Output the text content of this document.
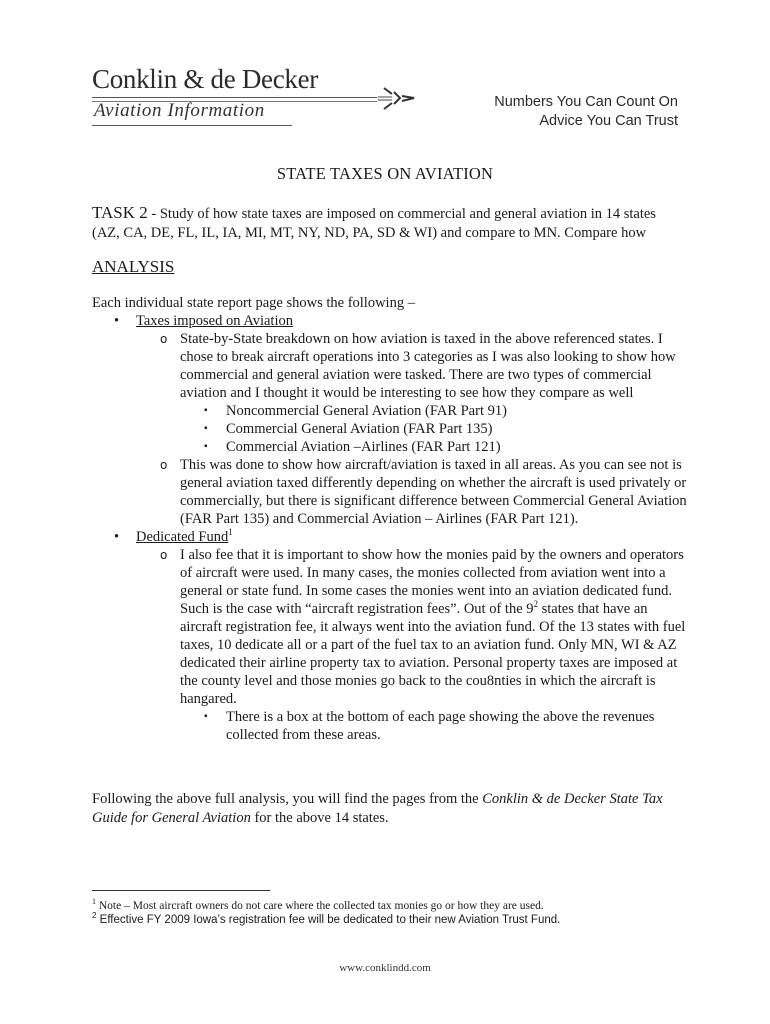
Conklin & de Decker
Aviation Information	Numbers You Can Count On
Advice You Can Trust
STATE TAXES ON AVIATION
TASK 2 - Study of how state taxes are imposed on commercial and general aviation in 14 states (AZ, CA, DE, FL, IL, IA, MI, MT, NY, ND, PA, SD & WI) and compare to MN. Compare how
ANALYSIS

Each individual state report page shows the following –

• Taxes imposed on Aviation
o State-by-State breakdown on how aviation is taxed in the above referenced states. I chose to break aircraft operations into 3 categories as I was also looking to show how commercial and general aviation were tasked. There are two types of commercial aviation and I thought it would be interesting to see how they compare as well
▪ Noncommercial General Aviation (FAR Part 91)
▪ Commercial General Aviation (FAR Part 135)
▪ Commercial Aviation –Airlines (FAR Part 121)
o This was done to show how aircraft/aviation is taxed in all areas. As you can see not is general aviation taxed differently depending on whether the aircraft is used privately or commercially, but there is significant difference between Commercial General Aviation (FAR Part 135) and Commercial Aviation – Airlines (FAR Part 121).
• Dedicated Fund$^1$
o I also fee that it is important to show how the monies paid by the owners and operators of aircraft were used. In many cases, the monies collected from aviation went into a general or state fund. In some cases the monies went into an aviation dedicated fund. Such is the case with “aircraft registration fees”. Out of the $9^2$ states that have an aircraft registration fee, it always went into the aviation fund. Of the 13 states with fuel taxes, 10 dedicate all or a part of the fuel tax to an aviation fund. Only MN, WI & AZ dedicated their airline property tax to aviation. Personal property taxes are imposed at the county level and those monies go back to the cou8nties in which the aircraft is hangared.
▪ There is a box at the bottom of each page showing the above the revenues collected from these areas.
Following the above full analysis, you will find the pages from the Conklin & de Decker State Tax Guide for General Aviation for the above 14 states.
$^1$ Note – Most aircraft owners do not care where the collected tax monies go or how they are used.
$^2$ Effective FY 2009 Iowa’s registration fee will be dedicated to their new Aviation Trust Fund.
www.conklindd.com
